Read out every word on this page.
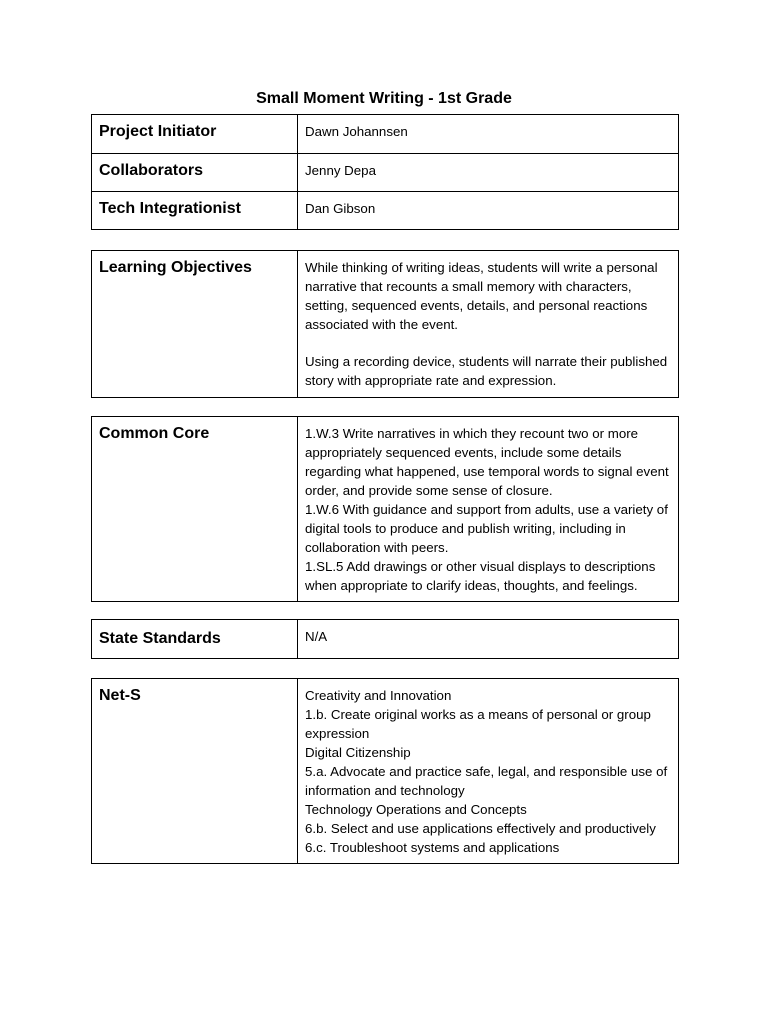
Small Moment Writing - 1st Grade
Project Initiator	Dawn Johannsen
Collaborators	Jenny Depa
Tech Integrationist	Dan Gibson
Learning Objectives	While thinking of writing ideas, students will write a personal narrative that recounts a small memory with characters, setting, sequenced events, details, and personal reactions associated with the event.

Using a recording device, students will narrate their published story with appropriate rate and expression.

Common Core	1.W.3 Write narratives in which they recount two or more appropriately sequenced events, include some details regarding what happened, use temporal words to signal event order, and provide some sense of closure.

1.W.6 With guidance and support from adults, use a variety of digital tools to produce and publish writing, including in collaboration with peers.

1.SL.5 Add drawings or other visual displays to descriptions when appropriate to clarify ideas, thoughts, and feelings.

State Standards	N/A
Net-S	Creativity and Innovation

1.b. Create original works as a means of personal or group expression

Digital Citizenship

5.a. Advocate and practice safe, legal, and responsible use of information and technology

Technology Operations and Concepts

6.b. Select and use applications effectively and productively

6.c. Troubleshoot systems and applications
